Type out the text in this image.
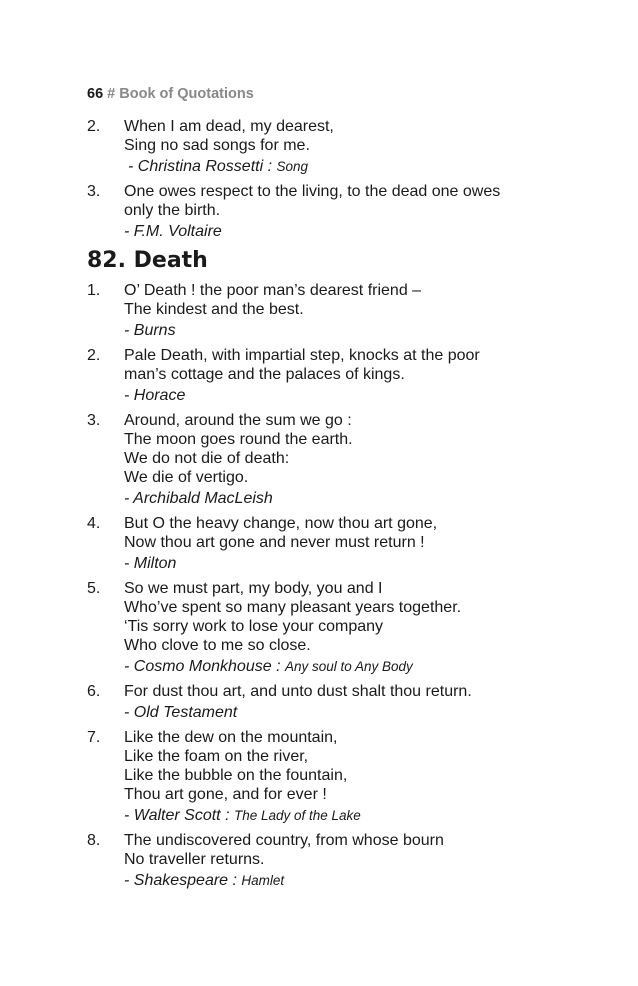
66 # Book of Quotations
2. When I am dead, my dearest,
Sing no sad songs for me.
- Christina Rossetti : Song
3. One owes respect to the living, to the dead one owes
only the birth.
- F.M. Voltaire
82. Death
1. O’ Death ! the poor man’s dearest friend –
The kindest and the best.
- Burns
2. Pale Death, with impartial step, knocks at the poor
man’s cottage and the palaces of kings.
- Horace
3. Around, around the sum we go :
The moon goes round the earth.
We do not die of death:
We die of vertigo.
- Archibald MacLeish
4. But O the heavy change, now thou art gone,
Now thou art gone and never must return !
- Milton
5. So we must part, my body, you and I
Who’ve spent so many pleasant years together.
‘Tis sorry work to lose your company
Who clove to me so close.
- Cosmo Monkhouse : Any soul to Any Body
6. For dust thou art, and unto dust shalt thou return.
- Old Testament
7. Like the dew on the mountain,
Like the foam on the river,
Like the bubble on the fountain,
Thou art gone, and for ever !
- Walter Scott : The Lady of the Lake
8. The undiscovered country, from whose bourn
No traveller returns.
- Shakespeare : Hamlet
